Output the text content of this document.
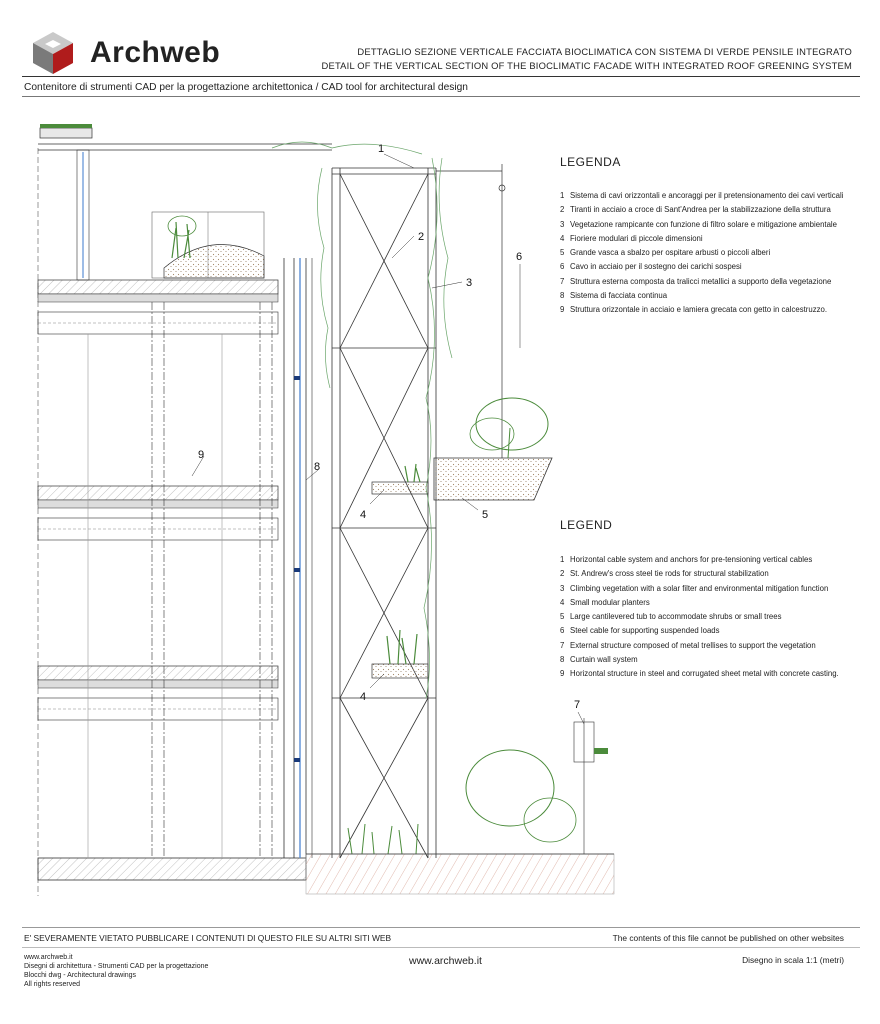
Archweb	DETTAGLIO SEZIONE VERTICALE FACCIATA BIOCLIMATICA CON SISTEMA DI VERDE PENSILE INTEGRATO
DETAIL OF THE VERTICAL SECTION OF THE BIOCLIMATIC FACADE WITH INTEGRATED ROOF GREENING SYSTEM
Contenitore di strumenti CAD per la progettazione architettonica / CAD tool for architectural design
1
2
3
4
4
5
6
7
8
9
LEGENDA
1 Sistema di cavi orizzontali e ancoraggi per il pretensionamento dei cavi verticali
2 Tiranti in acciaio a croce di Sant'Andrea per la stabilizzazione della struttura
3 Vegetazione rampicante con funzione di filtro solare e mitigazione ambientale
4 Fioriere modulari di piccole dimensioni
5 Grande vasca a sbalzo per ospitare arbusti o piccoli alberi
6 Cavo in acciaio per il sostegno dei carichi sospesi
7 Struttura esterna composta da tralicci metallici a supporto della vegetazione
8 Sistema di facciata continua
9 Struttura orizzontale in acciaio e lamiera grecata con getto in calcestruzzo.
LEGEND
1 Horizontal cable system and anchors for pre-tensioning vertical cables
2 St. Andrew's cross steel tie rods for structural stabilization
3 Climbing vegetation with a solar filter and environmental mitigation function
4 Small modular planters
5 Large cantilevered tub to accommodate shrubs or small trees
6 Steel cable for supporting suspended loads
7 External structure composed of metal trellises to support the vegetation
8 Curtain wall system
9 Horizontal structure in steel and corrugated sheet metal with concrete casting.
E' SEVERAMENTE VIETATO PUBBLICARE I CONTENUTI DI QUESTO FILE SU ALTRI SITI WEB	The contents of this file cannot be published on other websites
www.archweb.it
Disegni di architettura - Strumenti CAD per la progettazione
Blocchi dwg - Architectural drawings
All rights reserved
www.archweb.it	Disegno in scala 1:1 (metri)
